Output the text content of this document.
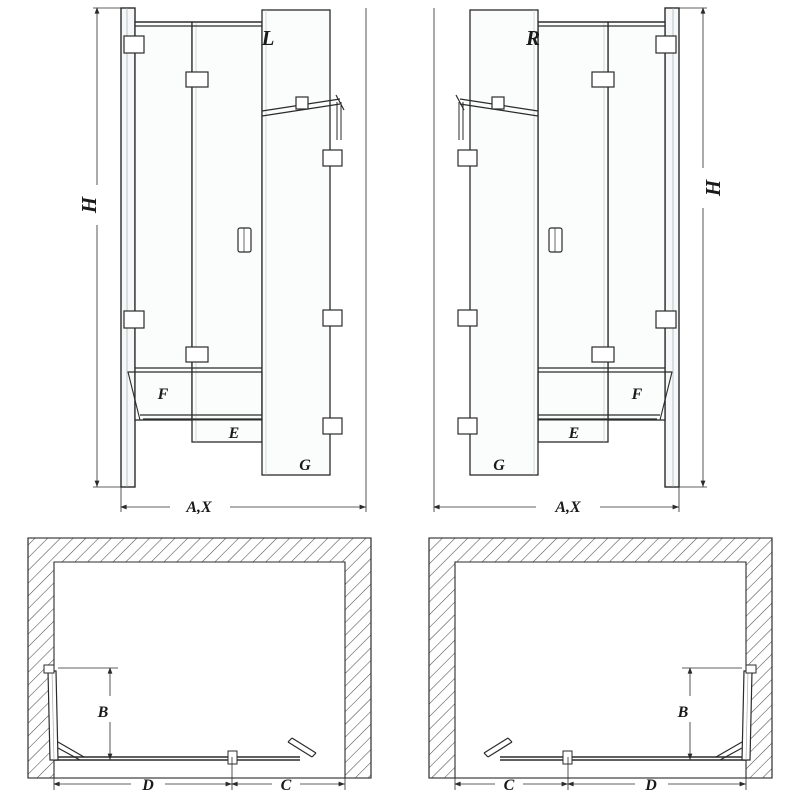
H
L
F
E
G
A,X
H
R
F
E
G
A,X
B
D	C
B
C	D
